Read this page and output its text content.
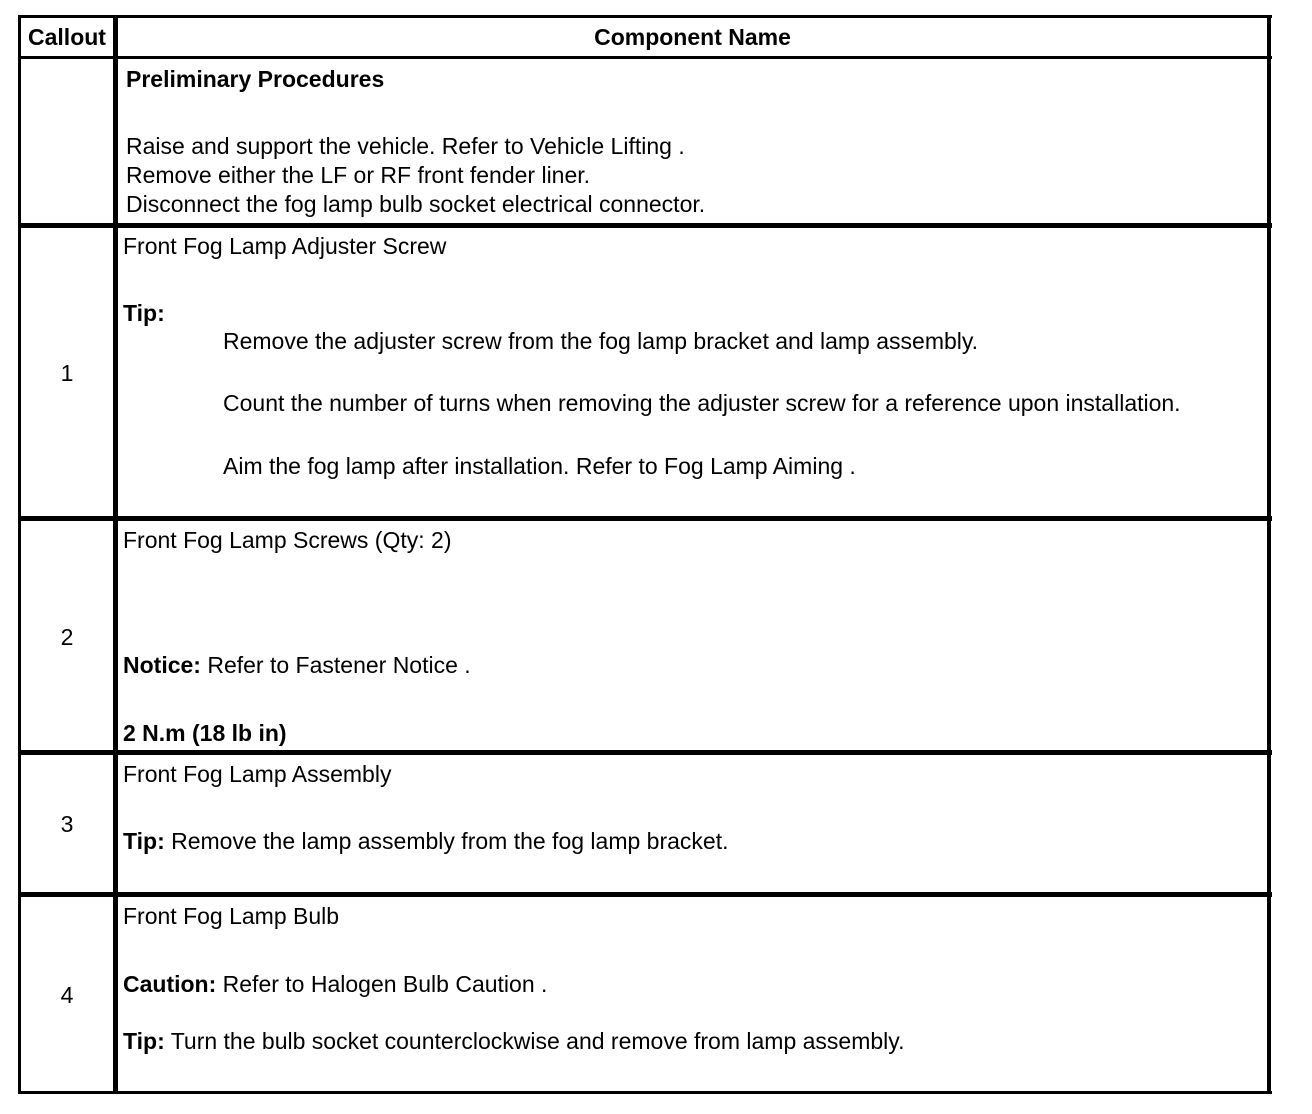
Callout	Component Name
Preliminary Procedures
Raise and support the vehicle. Refer to Vehicle Lifting .
Remove either the LF or RF front fender liner.
Disconnect the fog lamp bulb socket electrical connector.
1
Front Fog Lamp Adjuster Screw
Tip:
Remove the adjuster screw from the fog lamp bracket and lamp assembly.
Count the number of turns when removing the adjuster screw for a reference upon installation.
Aim the fog lamp after installation. Refer to Fog Lamp Aiming .
2
Front Fog Lamp Screws (Qty: 2)
Notice: Refer to Fastener Notice .
2 N.m (18 lb in)
3
Front Fog Lamp Assembly
Tip: Remove the lamp assembly from the fog lamp bracket.
4
Front Fog Lamp Bulb
Caution: Refer to Halogen Bulb Caution .
Tip: Turn the bulb socket counterclockwise and remove from lamp assembly.
